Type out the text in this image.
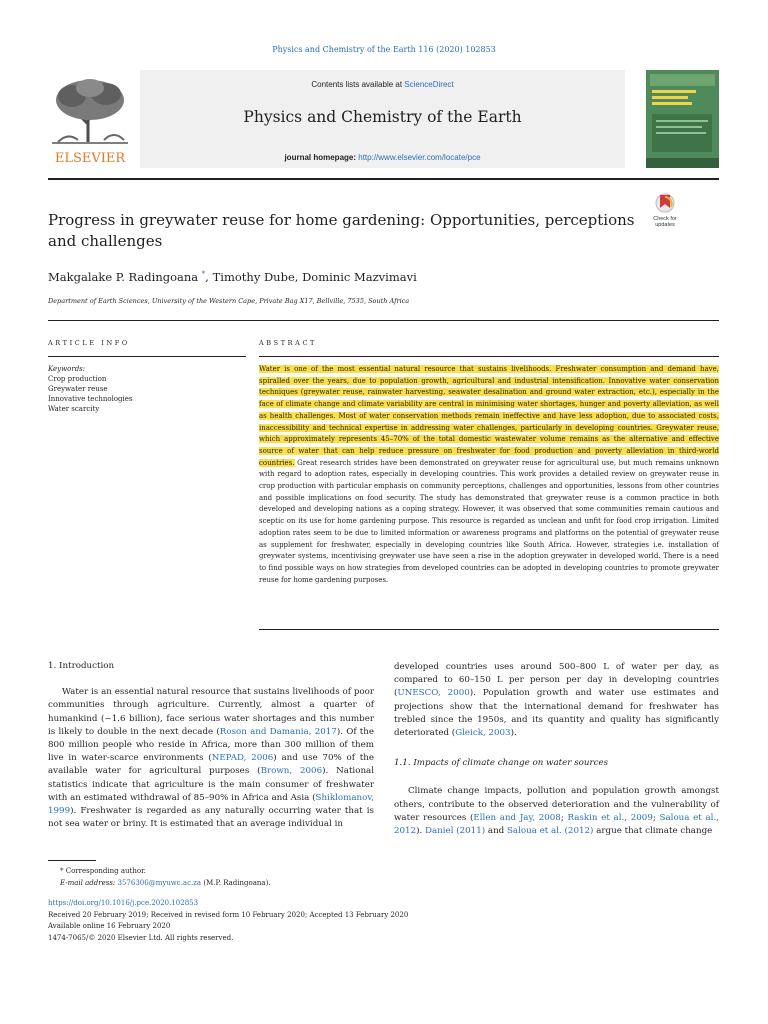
Physics and Chemistry of the Earth 116 (2020) 102853
ELSEVIER
Contents lists available at ScienceDirect
Physics and Chemistry of the Earth
journal homepage: http://www.elsevier.com/locate/pce
Progress in greywater reuse for home gardening: Opportunities, perceptions and challenges
Check for
updates
Makgalake P. Radingoana *, Timothy Dube, Dominic Mazvimavi
Department of Earth Sciences, University of the Western Cape, Private Bag X17, Bellville, 7535, South Africa
ARTICLE INFO	ABSTRACT
Keywords:
Crop production
Greywater reuse
Innovative technologies
Water scarcity
Water is one of the most essential natural resource that sustains livelihoods. Freshwater consumption and demand have, spiralled over the years, due to population growth, agricultural and industrial intensification. Innovative water conservation techniques (greywater reuse, rainwater harvesting, seawater desalination and ground water extraction, etc.), especially in the face of climate change and climate variability are central in minimising water shortages, hunger and poverty alleviation, as well as health challenges. Most of water conservation methods remain ineffective and have less adoption, due to associated costs, inaccessibility and technical expertise in addressing water challenges, particularly in developing countries. Greywater reuse, which approximately represents 45–70% of the total domestic wastewater volume remains as the alternative and effective source of water that can help reduce pressure on freshwater for food production and poverty alleviation in third-world countries. Great research strides have been demonstrated on greywater reuse for agricultural use, but much remains unknown with regard to adoption rates, especially in developing countries. This work provides a detailed review on greywater reuse in crop production with particular emphasis on community perceptions, challenges and opportunities, lessons from other countries and possible implications on food security. The study has demonstrated that greywater reuse is a common practice in both developed and developing nations as a coping strategy. However, it was observed that some communities remain cautious and sceptic on its use for home gardening purpose. This resource is regarded as unclean and unfit for food crop irrigation. Limited adoption rates seem to be due to limited information or awareness programs and platforms on the potential of greywater reuse as supplement for freshwater, especially in developing countries like South Africa. However, strategies i.e. installation of greywater systems, incentivising greywater use have seen a rise in the adoption greywater in developed world. There is a need to find possible ways on how strategies from developed countries can be adopted in developing countries to promote greywater reuse for home gardening purposes.

1. Introduction

Water is an essential natural resource that sustains livelihoods of poor communities through agriculture. Currently, almost a quarter of humankind (~1.6 billion), face serious water shortages and this number is likely to double in the next decade (Roson and Damania, 2017). Of the 800 million people who reside in Africa, more than 300 million of them live in water-scarce environments (NEPAD, 2006) and use 70% of the available water for agricultural purposes (Brown, 2006). National statistics indicate that agriculture is the main consumer of freshwater with an estimated withdrawal of 85–90% in Africa and Asia (Shiklomanov, 1999). Freshwater is regarded as any naturally occurring water that is not sea water or briny. It is estimated that an average individual in

developed countries uses around 500–800 L of water per day, as compared to 60–150 L per person per day in developing countries (UNESCO, 2000). Population growth and water use estimates and projections show that the international demand for freshwater has trebled since the 1950s, and its quantity and quality has significantly deteriorated (Gleick, 2003).

1.1. Impacts of climate change on water sources

Climate change impacts, pollution and population growth amongst others, contribute to the observed deterioration and the vulnerability of water resources (Ellen and Jay, 2008; Raskin et al., 2009; Saloua et al., 2012). Daniel (2011) and Saloua et al. (2012) argue that climate change

* Corresponding author.
E-mail address: 3576306@myuwc.ac.za (M.P. Radingoana).
https://doi.org/10.1016/j.pce.2020.102853
Received 20 February 2019; Received in revised form 10 February 2020; Accepted 13 February 2020
Available online 16 February 2020
1474-7065/© 2020 Elsevier Ltd. All rights reserved.
